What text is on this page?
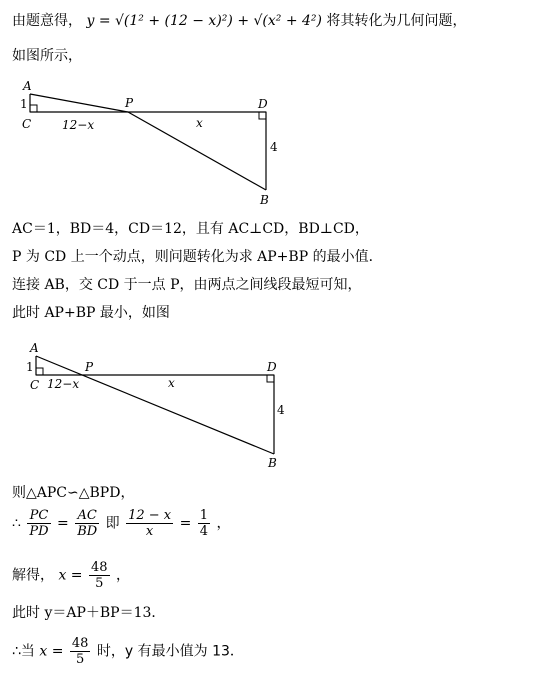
由题意得， y = √(1² + (12 − x)²) + √(x² + 4²) 将其转化为几何问题，
如图所示，
A
C
P	D
B
1
12−x	x
4
AC＝1，BD＝4，CD＝12，且有 AC⊥CD，BD⊥CD，
P 为 CD 上一个动点，则问题转化为求 AP+BP 的最小值．
连接 AB，交 CD 于一点 P，由两点之间线段最短可知，
此时 AP+BP 最小，如图
A
C
P	D
B
1
12−x	x
4
则△APC∽△BPD，
∴ $\frac{PC}{PD} = \frac{AC}{BD}$ 即 $\frac{12 - x}{x} = \frac{1}{4}$ ，
解得， $x = \frac{48}{5}$ ，
此时 y＝AP＋BP＝13．
∴当 $x = \frac{48}{5}$ 时，y 有最小值为 13．
